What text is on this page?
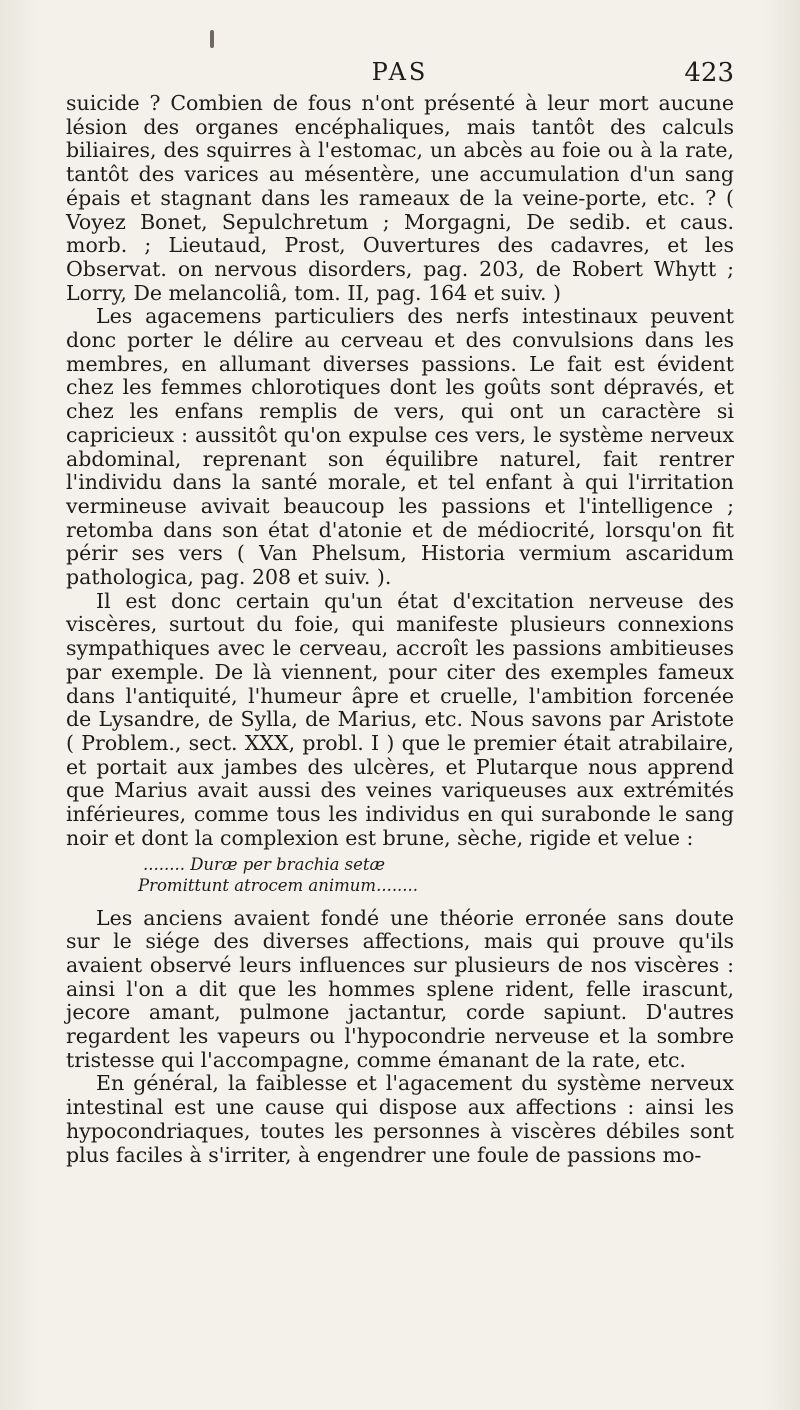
PAS	423

suicide ? Combien de fous n'ont présenté à leur mort aucune lésion des organes encéphaliques, mais tantôt des calculs biliaires, des squirres à l'estomac, un abcès au foie ou à la rate, tantôt des varices au mésentère, une accumulation d'un sang épais et stagnant dans les rameaux de la veine-porte, etc. ? ( Voyez Bonet, Sepulchretum ; Morgagni, De sedib. et caus. morb. ; Lieutaud, Prost, Ouvertures des cadavres, et les Observat. on nervous disorders, pag. 203, de Robert Whytt ; Lorry, De melancoliâ, tom. II, pag. 164 et suiv. )

Les agacemens particuliers des nerfs intestinaux peuvent donc porter le délire au cerveau et des convulsions dans les membres, en allumant diverses passions. Le fait est évident chez les femmes chlorotiques dont les goûts sont dépravés, et chez les enfans remplis de vers, qui ont un caractère si capricieux : aussitôt qu'on expulse ces vers, le système nerveux abdominal, reprenant son équilibre naturel, fait rentrer l'individu dans la santé morale, et tel enfant à qui l'irritation vermineuse avivait beaucoup les passions et l'intelligence ; retomba dans son état d'atonie et de médiocrité, lorsqu'on fit périr ses vers ( Van Phelsum, Historia vermium ascaridum pathologica, pag. 208 et suiv. ).

Il est donc certain qu'un état d'excitation nerveuse des viscères, surtout du foie, qui manifeste plusieurs connexions sympathiques avec le cerveau, accroît les passions ambitieuses par exemple. De là viennent, pour citer des exemples fameux dans l'antiquité, l'humeur âpre et cruelle, l'ambition forcenée de Lysandre, de Sylla, de Marius, etc. Nous savons par Aristote ( Problem., sect. XXX, probl. I ) que le premier était atrabilaire, et portait aux jambes des ulcères, et Plutarque nous apprend que Marius avait aussi des veines variqueuses aux extrémités inférieures, comme tous les individus en qui surabonde le sang noir et dont la complexion est brune, sèche, rigide et velue :

........ Duræ per brachia setæ
Promittunt atrocem animum........

Les anciens avaient fondé une théorie erronée sans doute sur le siége des diverses affections, mais qui prouve qu'ils avaient observé leurs influences sur plusieurs de nos viscères : ainsi l'on a dit que les hommes splene rident, felle irascunt, jecore amant, pulmone jactantur, corde sapiunt. D'autres regardent les vapeurs ou l'hypocondrie nerveuse et la sombre tristesse qui l'accompagne, comme émanant de la rate, etc.

En général, la faiblesse et l'agacement du système nerveux intestinal est une cause qui dispose aux affections : ainsi les hypocondriaques, toutes les personnes à viscères débiles sont plus faciles à s'irriter, à engendrer une foule de passions mo-
